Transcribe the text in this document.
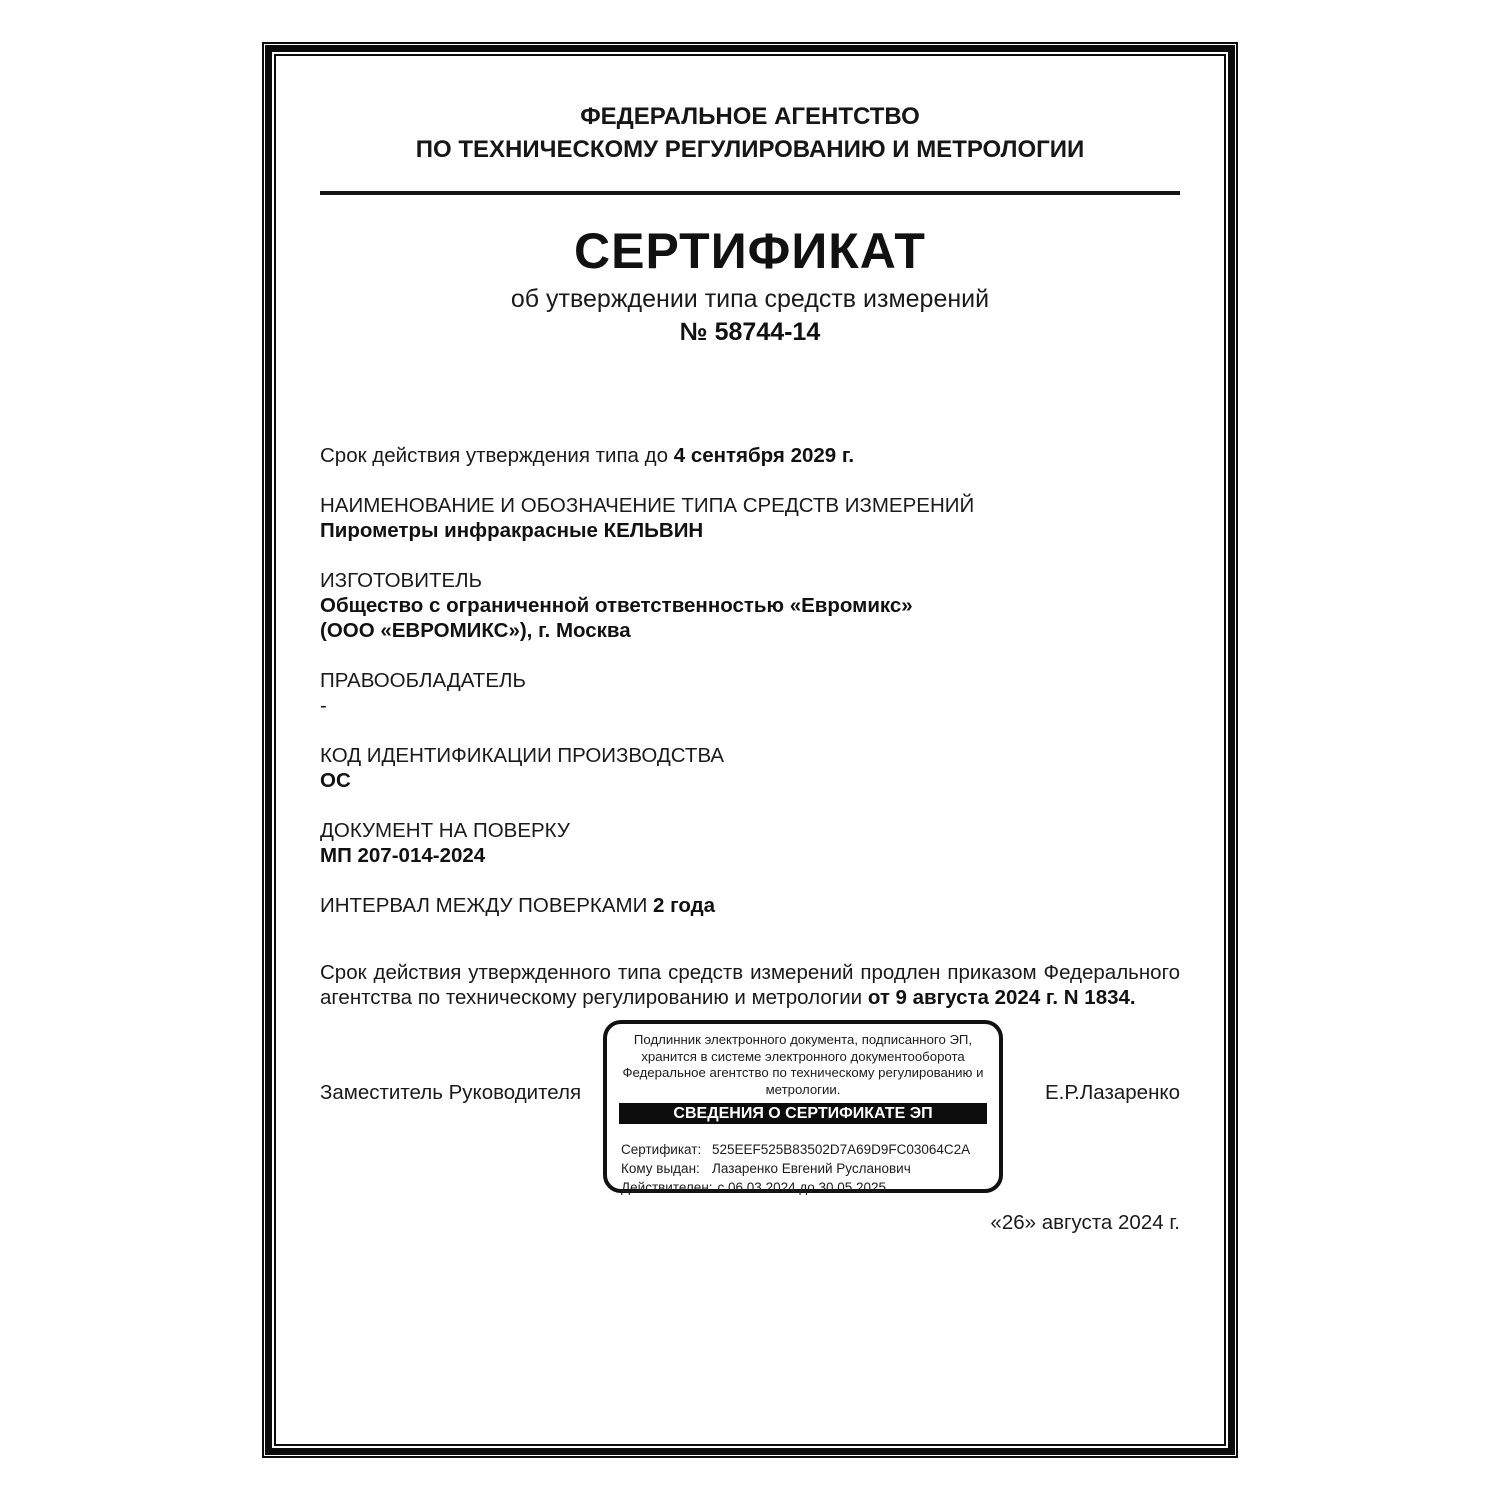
ФЕДЕРАЛЬНОЕ АГЕНТСТВО
ПО ТЕХНИЧЕСКОМУ РЕГУЛИРОВАНИЮ И МЕТРОЛОГИИ
СЕРТИФИКАТ
об утверждении типа средств измерений
№ 58744-14
Срок действия утверждения типа до 4 сентября 2029 г.
НАИМЕНОВАНИЕ И ОБОЗНАЧЕНИЕ ТИПА СРЕДСТВ ИЗМЕРЕНИЙ
Пирометры инфракрасные КЕЛЬВИН
ИЗГОТОВИТЕЛЬ
Общество с ограниченной ответственностью «Евромикс»
(ООО «ЕВРОМИКС»), г. Москва
ПРАВООБЛАДАТЕЛЬ
-
КОД ИДЕНТИФИКАЦИИ ПРОИЗВОДСТВА
ОС
ДОКУМЕНТ НА ПОВЕРКУ
МП 207-014-2024
ИНТЕРВАЛ МЕЖДУ ПОВЕРКАМИ 2 года
Срок действия утвержденного типа средств измерений продлен приказом Федерального агентства по техническому регулированию и метрологии от 9 августа 2024 г. N 1834.
Подлинник электронного документа, подписанного ЭП,
хранится в системе электронного документооборота
Федеральное агентство по техническому регулированию и
метрологии.
СВЕДЕНИЯ О СЕРТИФИКАТЕ ЭП
Сертификат: 525EEF525B83502D7A69D9FC03064C2A
Кому выдан: Лазаренко Евгений Русланович
Действителен: с 06.03.2024 до 30.05.2025
Заместитель Руководителя	Е.Р.Лазаренко
«26» августа 2024 г.
